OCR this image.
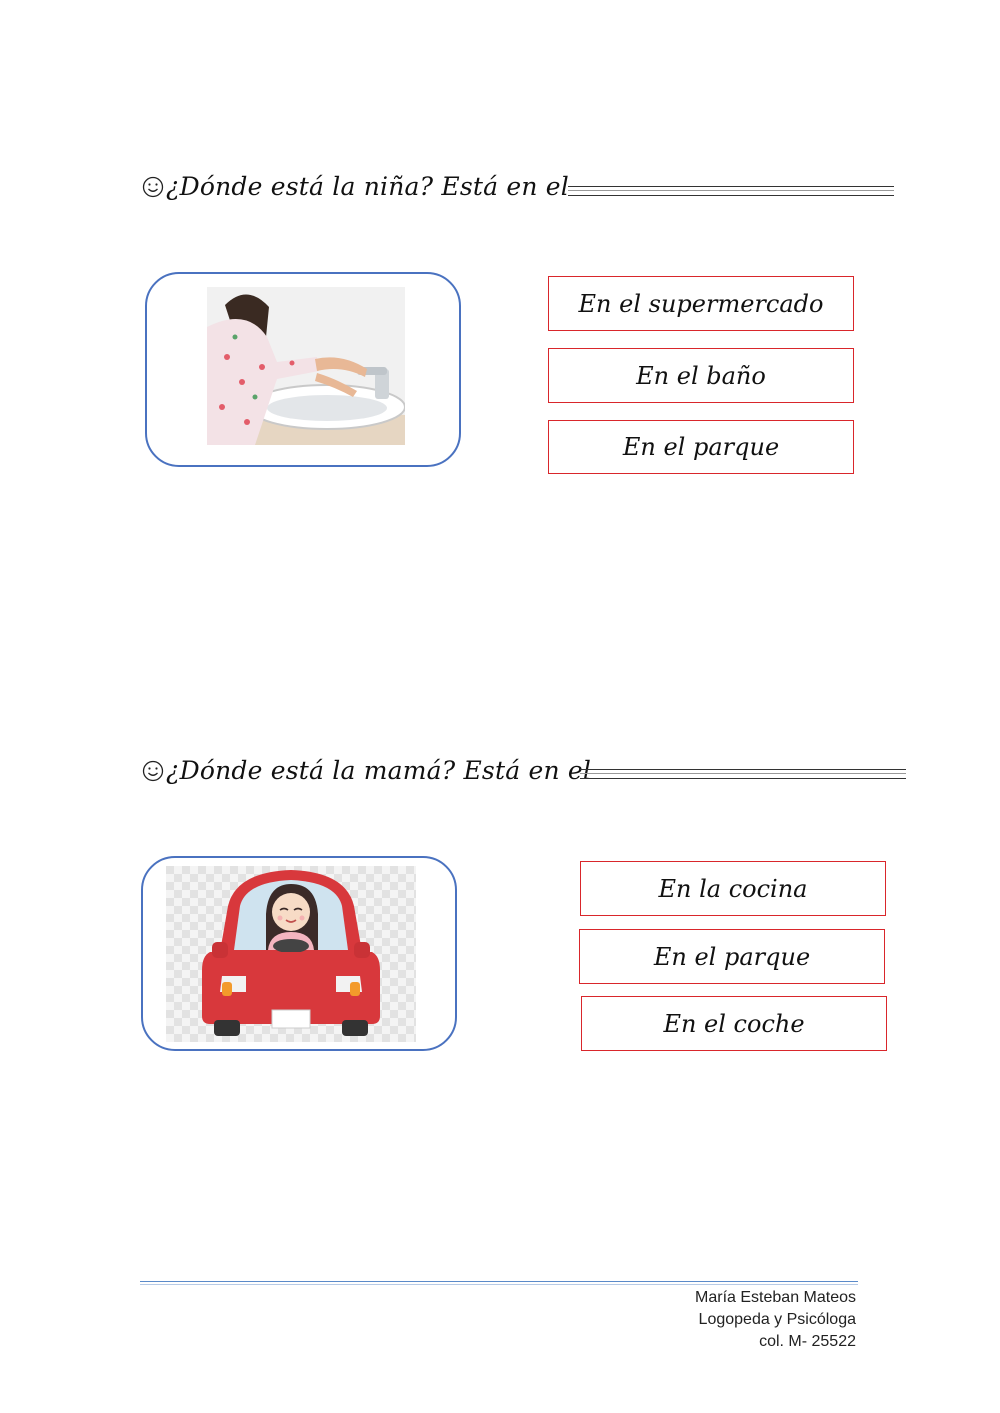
¿Dónde está la niña? Está en el
En el supermercado
En el baño
En el parque
¿Dónde está la mamá? Está en el
En la cocina
En el parque
En el coche
María Esteban Mateos
Logopeda y Psicóloga
col. M- 25522
